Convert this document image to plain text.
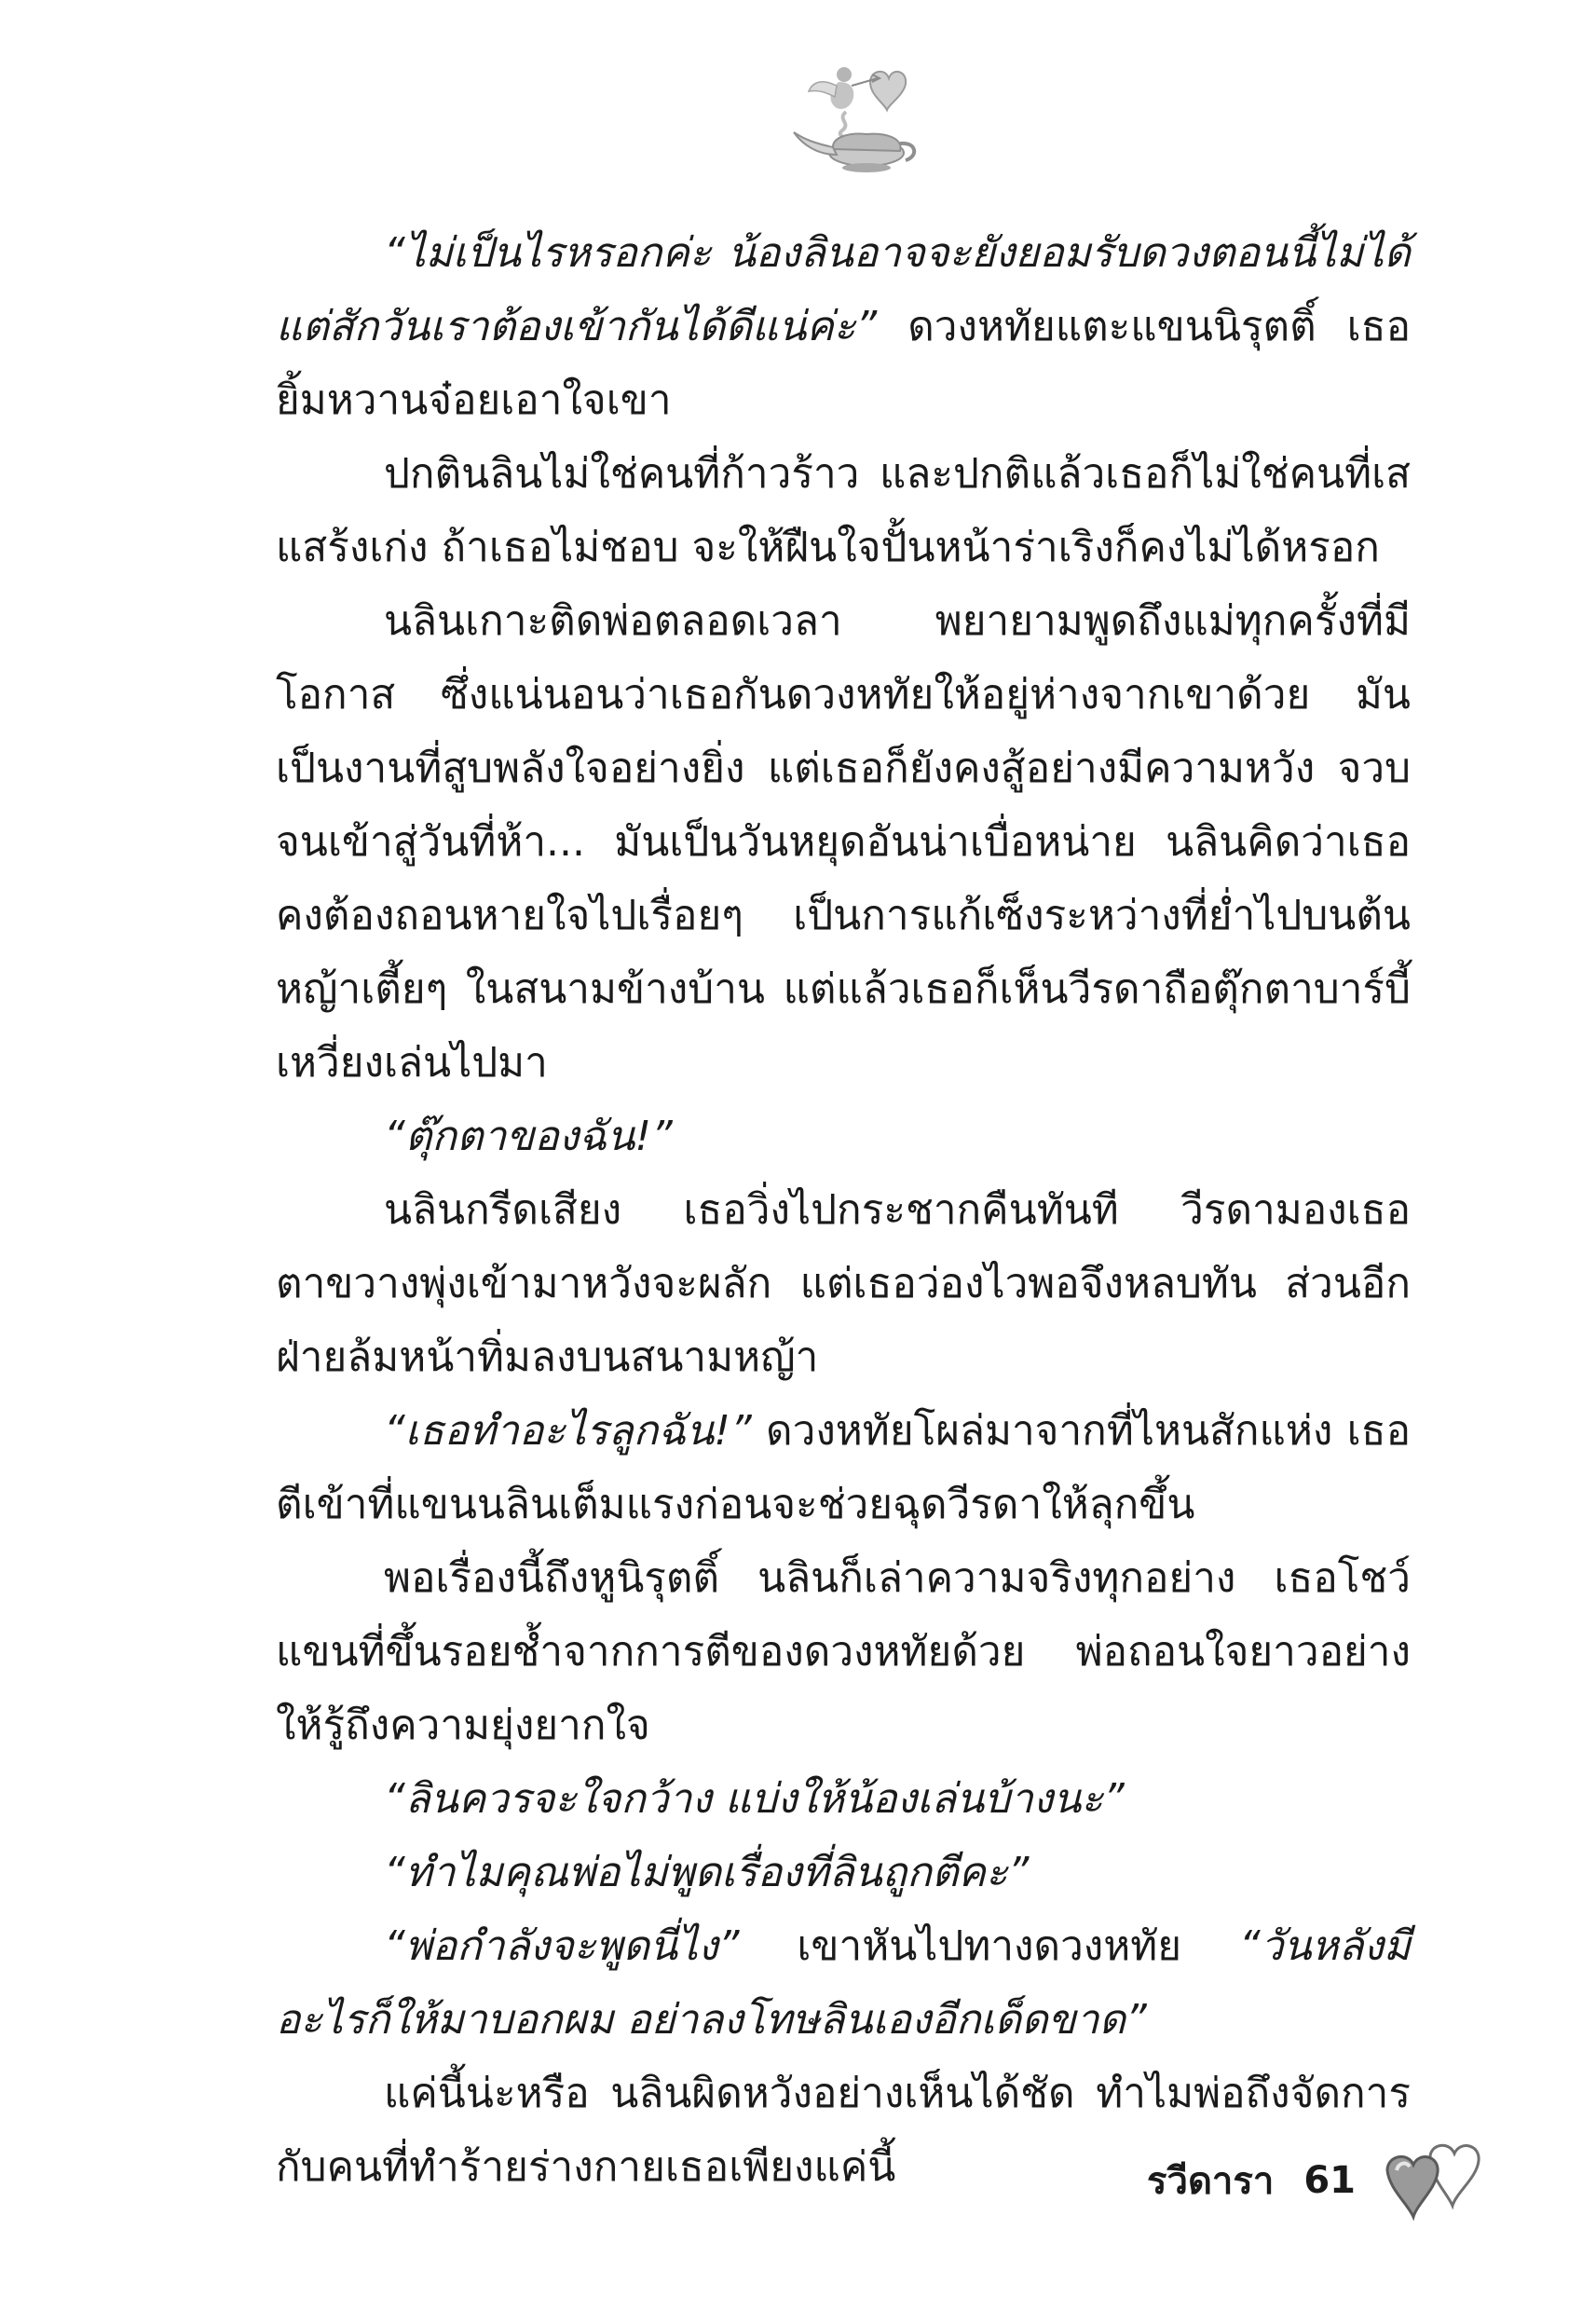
“ไม่เป็นไรหรอกค่ะ น้องลินอาจจะยังยอมรับดวงตอนนี้ไม่ได้ แต่สักวันเราต้องเข้ากันได้ดีแน่ค่ะ” ดวงหทัยแตะแขนนิรุตติ์ เธอยิ้มหวานจ๋อยเอาใจเขา

ปกตินลินไม่ใช่คนที่ก้าวร้าว และปกติแล้วเธอก็ไม่ใช่คนที่เสแสร้งเก่ง ถ้าเธอไม่ชอบ จะให้ฝืนใจปั้นหน้าร่าเริงก็คงไม่ได้หรอก

นลินเกาะติดพ่อตลอดเวลา พยายามพูดถึงแม่ทุกครั้งที่มีโอกาส ซึ่งแน่นอนว่าเธอกันดวงหทัยให้อยู่ห่างจากเขาด้วย มันเป็นงานที่สูบพลังใจอย่างยิ่ง แต่เธอก็ยังคงสู้อย่างมีความหวัง จวบจนเข้าสู่วันที่ห้า... มันเป็นวันหยุดอันน่าเบื่อหน่าย นลินคิดว่าเธอคงต้องถอนหายใจไปเรื่อยๆ เป็นการแก้เซ็งระหว่างที่ย่ำไปบนต้นหญ้าเตี้ยๆ ในสนามข้างบ้าน แต่แล้วเธอก็เห็นวีรดาถือตุ๊กตาบาร์บี้เหวี่ยงเล่นไปมา

“ตุ๊กตาของฉัน!”

นลินกรีดเสียง เธอวิ่งไปกระชากคืนทันที วีรดามองเธอตาขวางพุ่งเข้ามาหวังจะผลัก แต่เธอว่องไวพอจึงหลบทัน ส่วนอีกฝ่ายล้มหน้าทิ่มลงบนสนามหญ้า

“เธอทำอะไรลูกฉัน!” ดวงหทัยโผล่มาจากที่ไหนสักแห่ง เธอตีเข้าที่แขนนลินเต็มแรงก่อนจะช่วยฉุดวีรดาให้ลุกขึ้น

พอเรื่องนี้ถึงหูนิรุตติ์ นลินก็เล่าความจริงทุกอย่าง เธอโชว์แขนที่ขึ้นรอยช้ำจากการตีของดวงหทัยด้วย พ่อถอนใจยาวอย่างให้รู้ถึงความยุ่งยากใจ

“ลินควรจะใจกว้าง แบ่งให้น้องเล่นบ้างนะ”

“ทำไมคุณพ่อไม่พูดเรื่องที่ลินถูกตีคะ”

“พ่อกำลังจะพูดนี่ไง” เขาหันไปทางดวงหทัย “วันหลังมีอะไรก็ให้มาบอกผม อย่าลงโทษลินเองอีกเด็ดขาด”

แค่นี้น่ะหรือ นลินผิดหวังอย่างเห็นได้ชัด ทำไมพ่อถึงจัดการกับคนที่ทำร้ายร่างกายเธอเพียงแค่นี้	รวีดารา 61
